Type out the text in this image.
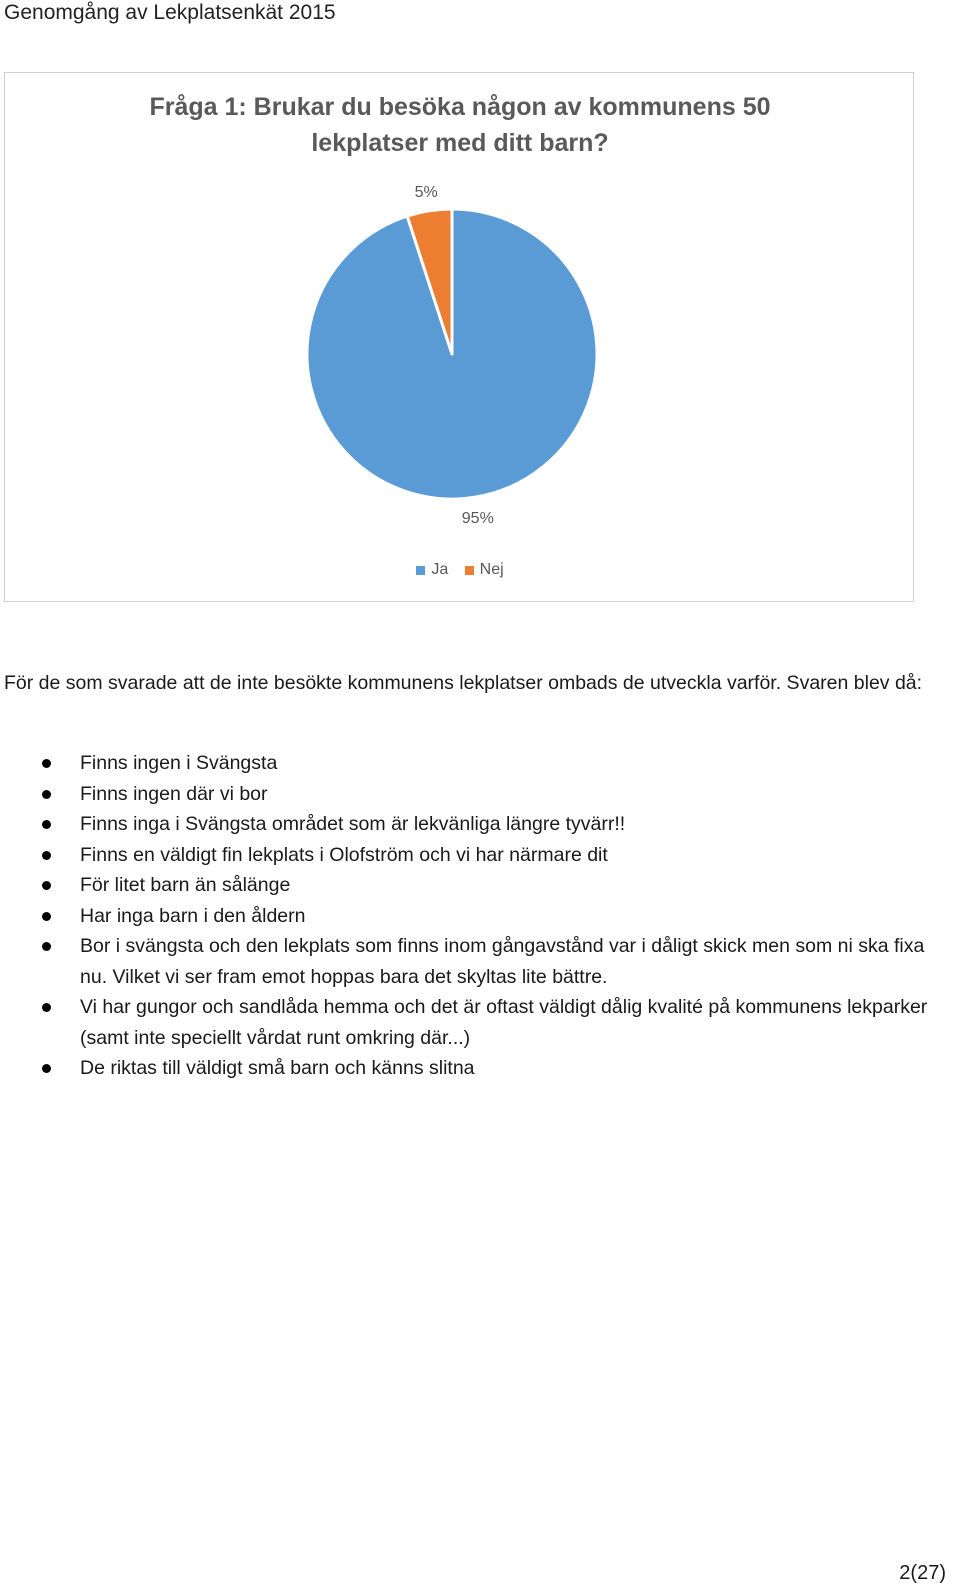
Genomgång av Lekplatsenkät 2015
Fråga 1: Brukar du besöka någon av kommunens 50
lekplatser med ditt barn?
95%
5%
Ja
Nej
För de som svarade att de inte besökte kommunens lekplatser ombads de utveckla varför. Svaren blev då:
Finns ingen i Svängsta
Finns ingen där vi bor
Finns inga i Svängsta området som är lekvänliga längre tyvärr!!
Finns en väldigt fin lekplats i Olofström och vi har närmare dit
För litet barn än sålänge
Har inga barn i den åldern
Bor i svängsta och den lekplats som finns inom gångavstånd var i dåligt skick men som ni ska fixa nu. Vilket vi ser fram emot hoppas bara det skyltas lite bättre.
Vi har gungor och sandlåda hemma och det är oftast väldigt dålig kvalité på kommunens lekparker (samt inte speciellt vårdat runt omkring där...)
De riktas till väldigt små barn och känns slitna
2(27)
